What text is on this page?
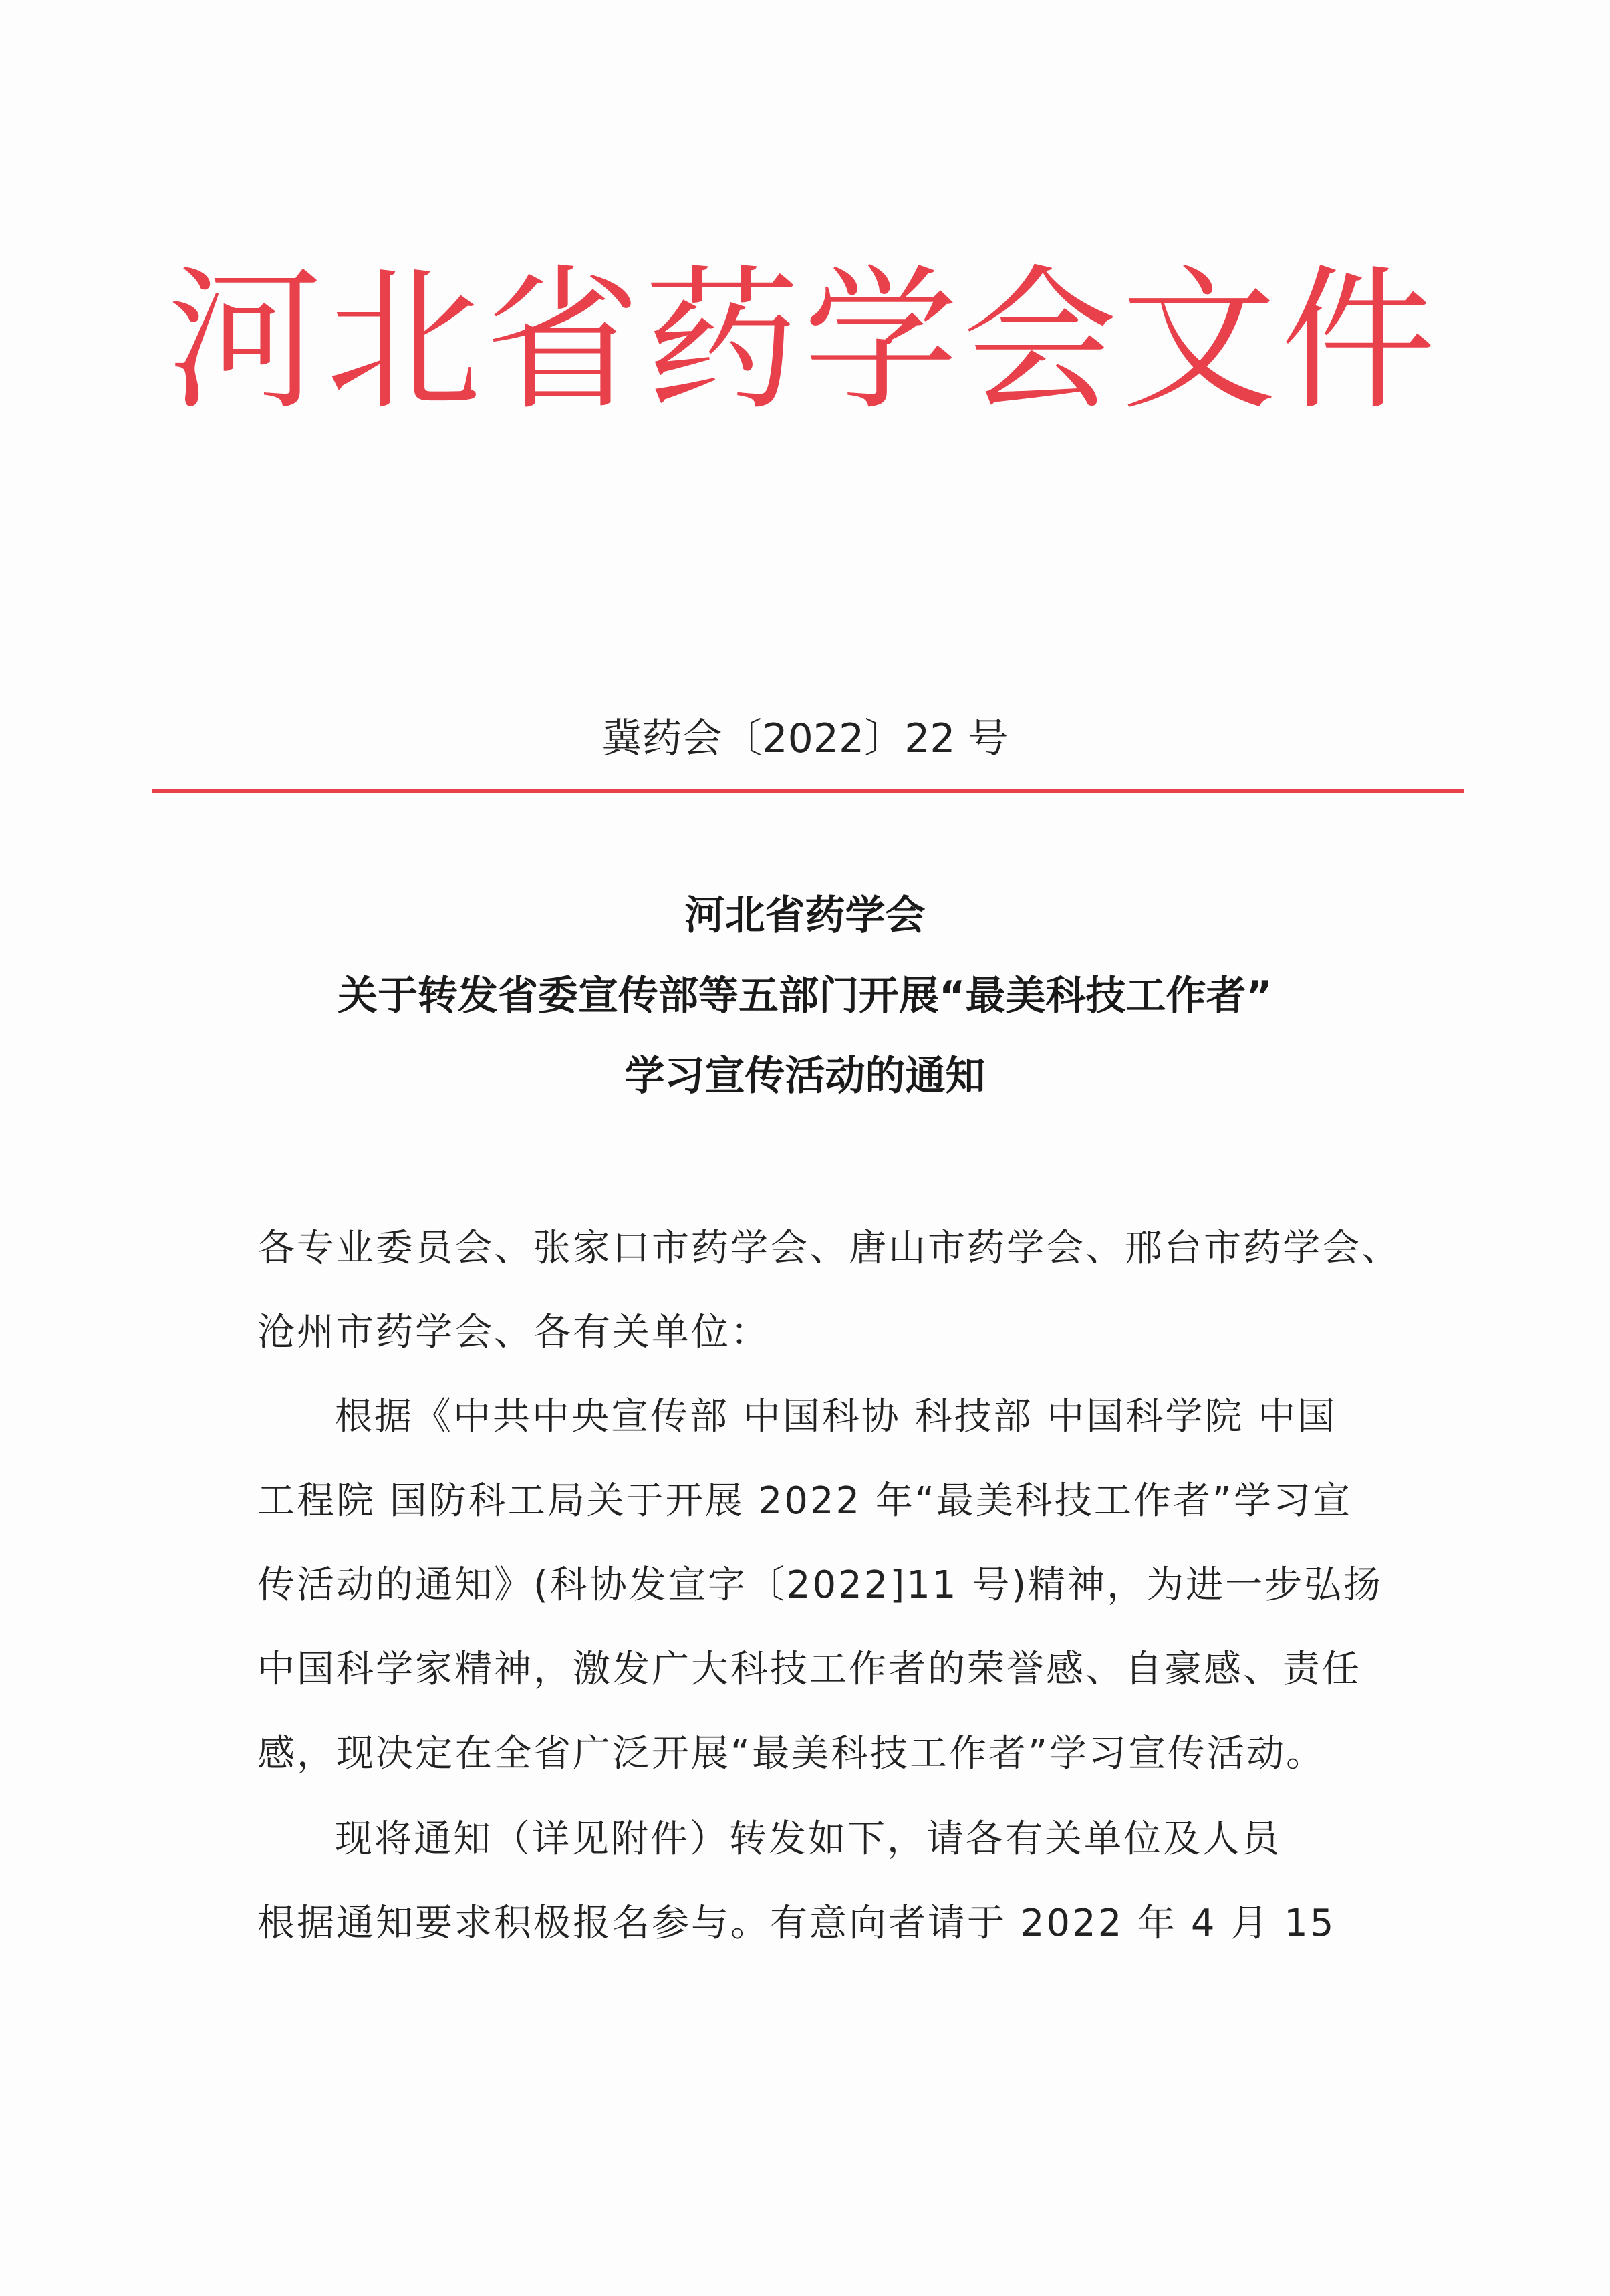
河北省药学会文件
冀药会〔2022〕22 号
河北省药学会
关于转发省委宣传部等五部门开展“最美科技工作者”
学习宣传活动的通知
各专业委员会、张家口市药学会、唐山市药学会、邢台市药学会、
沧州市药学会、各有关单位：
根据《中共中央宣传部 中国科协 科技部 中国科学院 中国
工程院 国防科工局关于开展 2022 年“最美科技工作者”学习宣
传活动的通知》(科协发宣字〔2022]11 号)精神，为进一步弘扬
中国科学家精神，激发广大科技工作者的荣誉感、自豪感、责任
感，现决定在全省广泛开展“最美科技工作者”学习宣传活动。
现将通知（详见附件）转发如下，请各有关单位及人员
根据通知要求积极报名参与。有意向者请于 2022 年 4 月 15
